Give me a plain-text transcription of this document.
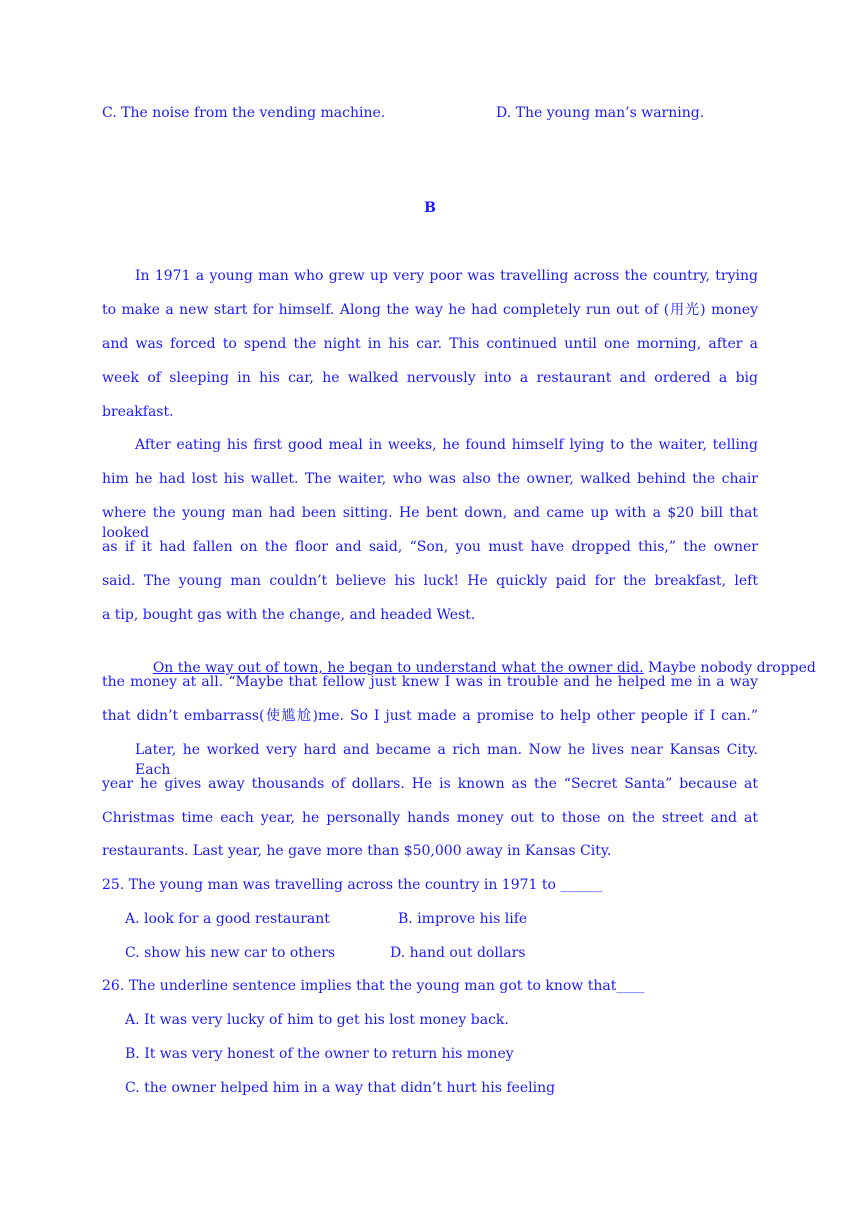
C. The noise from the vending machine.	D. The young man’s warning.
B
In 1971 a young man who grew up very poor was travelling across the country, trying
to make a new start for himself. Along the way he had completely run out of (用光) money
and was forced to spend the night in his car. This continued until one morning, after a
week of sleeping in his car, he walked nervously into a restaurant and ordered a big
breakfast.
After eating his first good meal in weeks, he found himself lying to the waiter, telling
him he had lost his wallet. The waiter, who was also the owner, walked behind the chair
where the young man had been sitting. He bent down, and came up with a $20 bill that looked
as if it had fallen on the floor and said, “Son, you must have dropped this,” the owner
said. The young man couldn’t believe his luck! He quickly paid for the breakfast, left
a tip, bought gas with the change, and headed West.

On the way out of town, he began to understand what the owner did. Maybe nobody dropped

the money at all. “Maybe that fellow just knew I was in trouble and he helped me in a way
that didn’t embarrass(使尴尬)me. So I just made a promise to help other people if I can.”
Later, he worked very hard and became a rich man. Now he lives near Kansas City. Each
year he gives away thousands of dollars. He is known as the “Secret Santa” because at
Christmas time each year, he personally hands money out to those on the street and at
restaurants. Last year, he gave more than $50,000 away in Kansas City.
25. The young man was travelling across the country in 1971 to ______
A. look for a good restaurant	B. improve his life
C. show his new car to others	D. hand out dollars
26. The underline sentence implies that the young man got to know that____
A. It was very lucky of him to get his lost money back.
B. It was very honest of the owner to return his money
C. the owner helped him in a way that didn’t hurt his feeling
